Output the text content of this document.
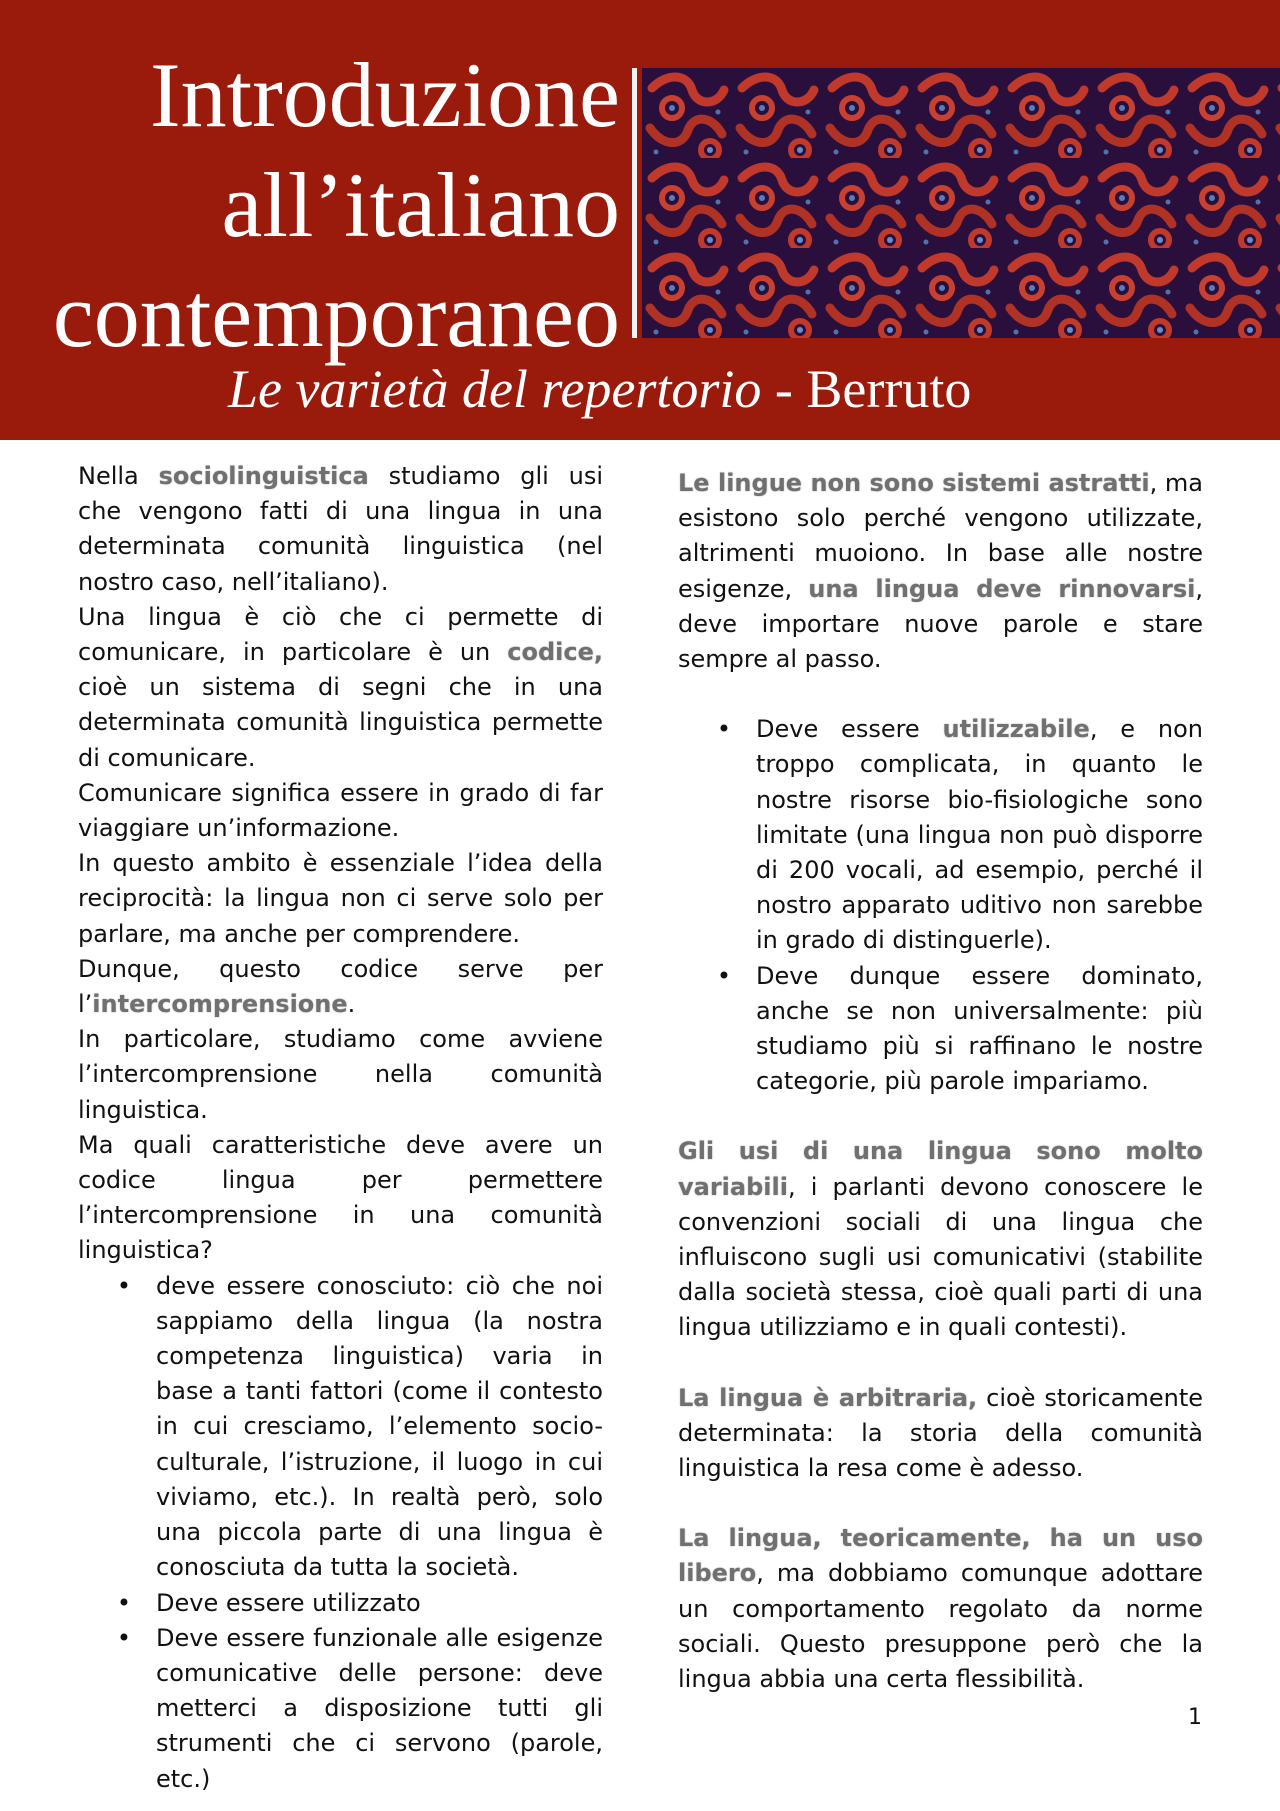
Introduzione
all’italiano
contemporaneo
Le varietà del repertorio - Berruto

Nella sociolinguistica studiamo gli usi che vengono fatti di una lingua in una determinata comunità linguistica (nel nostro caso, nell’italiano).

Una lingua è ciò che ci permette di comunicare, in particolare è un codice, cioè un sistema di segni che in una determinata comunità linguistica permette di comunicare.

Comunicare significa essere in grado di far viaggiare un’informazione.

In questo ambito è essenziale l’idea della reciprocità: la lingua non ci serve solo per parlare, ma anche per comprendere.

Dunque, questo codice serve per l’intercomprensione.

In particolare, studiamo come avviene l’intercomprensione nella comunità linguistica.

Ma quali caratteristiche deve avere un codice lingua per permettere l’intercomprensione in una comunità linguistica?

• deve essere conosciuto: ciò che noi sappiamo della lingua (la nostra competenza linguistica) varia in base a tanti fattori (come il contesto in cui cresciamo, l’elemento socio-culturale, l’istruzione, il luogo in cui viviamo, etc.). In realtà però, solo una piccola parte di una lingua è conosciuta da tutta la società.
• Deve essere utilizzato
• Deve essere funzionale alle esigenze comunicative delle persone: deve metterci a disposizione tutti gli strumenti che ci servono (parole, etc.)

Le lingue non sono sistemi astratti, ma esistono solo perché vengono utilizzate, altrimenti muoiono. In base alle nostre esigenze, una lingua deve rinnovarsi, deve importare nuove parole e stare sempre al passo.

• Deve essere utilizzabile, e non troppo complicata, in quanto le nostre risorse bio-fisiologiche sono limitate (una lingua non può disporre di 200 vocali, ad esempio, perché il nostro apparato uditivo non sarebbe in grado di distinguerle).
• Deve dunque essere dominato, anche se non universalmente: più studiamo più si raffinano le nostre categorie, più parole impariamo.

Gli usi di una lingua sono molto variabili, i parlanti devono conoscere le convenzioni sociali di una lingua che influiscono sugli usi comunicativi (stabilite dalla società stessa, cioè quali parti di una lingua utilizziamo e in quali contesti).

La lingua è arbitraria, cioè storicamente determinata: la storia della comunità linguistica la resa come è adesso.

La lingua, teoricamente, ha un uso libero, ma dobbiamo comunque adottare un comportamento regolato da norme sociali. Questo presuppone però che la lingua abbia una certa flessibilità.

1
